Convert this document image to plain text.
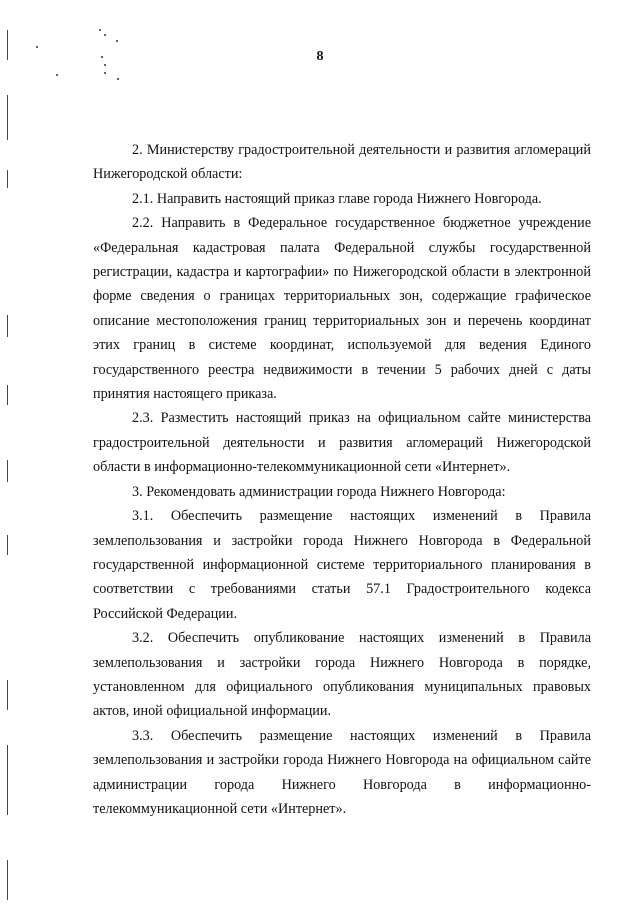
8

2. Министерству градостроительной деятельности и развития агломераций Нижегородской области:

2.1. Направить настоящий приказ главе города Нижнего Новгорода.

2.2. Направить в Федеральное государственное бюджетное учреждение «Федеральная кадастровая палата Федеральной службы государственной регистрации, кадастра и картографии» по Нижегородской области в электронной форме сведения о границах территориальных зон, содержащие графическое описание местоположения границ территориальных зон и перечень координат этих границ в системе координат, используемой для ведения Единого государственного реестра недвижимости в течении 5 рабочих дней с даты принятия настоящего приказа.

2.3. Разместить настоящий приказ на официальном сайте министерства градостроительной деятельности и развития агломераций Нижегородской области в информационно-телекоммуникационной сети «Интернет».

3. Рекомендовать администрации города Нижнего Новгорода:

3.1. Обеспечить размещение настоящих изменений в Правила землепользования и застройки города Нижнего Новгорода в Федеральной государственной информационной системе территориального планирования в соответствии с требованиями статьи 57.1 Градостроительного кодекса Российской Федерации.

3.2. Обеспечить опубликование настоящих изменений в Правила землепользования и застройки города Нижнего Новгорода в порядке, установленном для официального опубликования муниципальных правовых актов, иной официальной информации.

3.3. Обеспечить размещение настоящих изменений в Правила землепользования и застройки города Нижнего Новгорода на официальном сайте администрации города Нижнего Новгорода в информационно-телекоммуникационной сети «Интернет».
